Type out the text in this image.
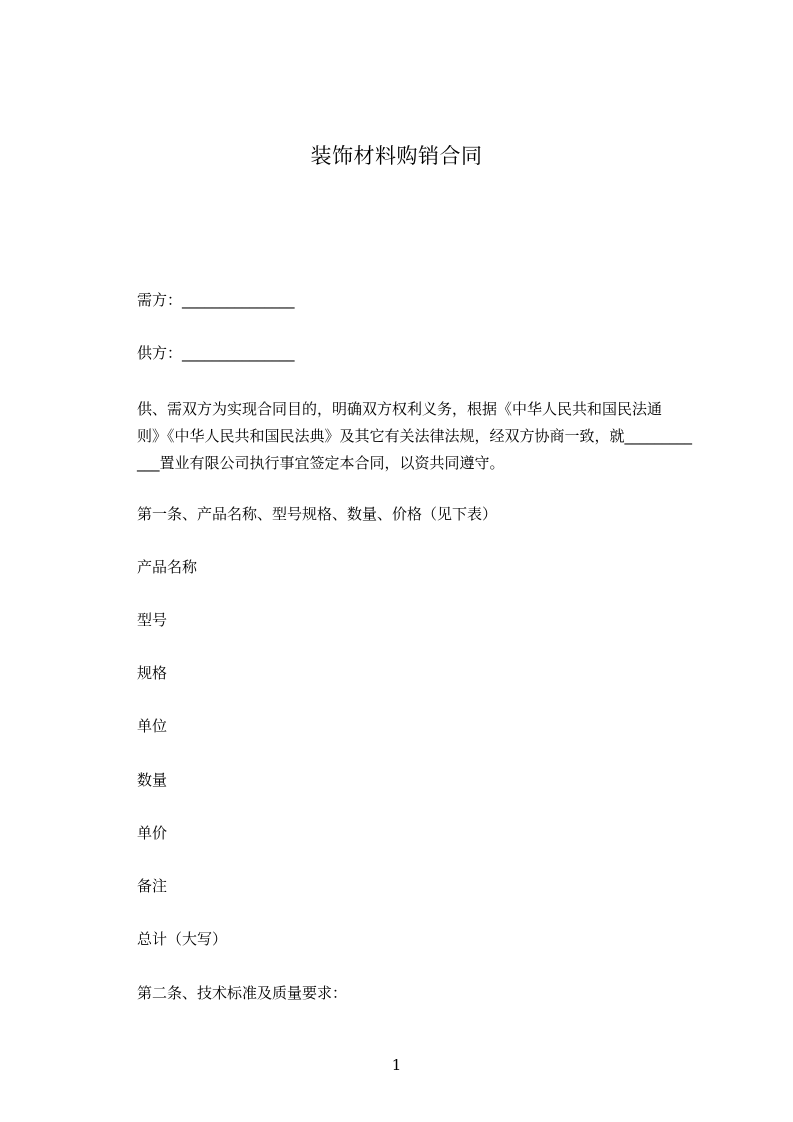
装饰材料购销合同
需方：_______________
供方：_______________
供、需双方为实现合同目的，明确双方权利义务，根据《中华人民共和国民法通
则》《中华人民共和国民法典》及其它有关法律法规，经双方协商一致，就_________
___置业有限公司执行事宜签定本合同，以资共同遵守。
第一条、产品名称、型号规格、数量、价格（见下表）
产品名称
型号
规格
单位
数量
单价
备注
总计（大写）
第二条、技术标准及质量要求：
1
